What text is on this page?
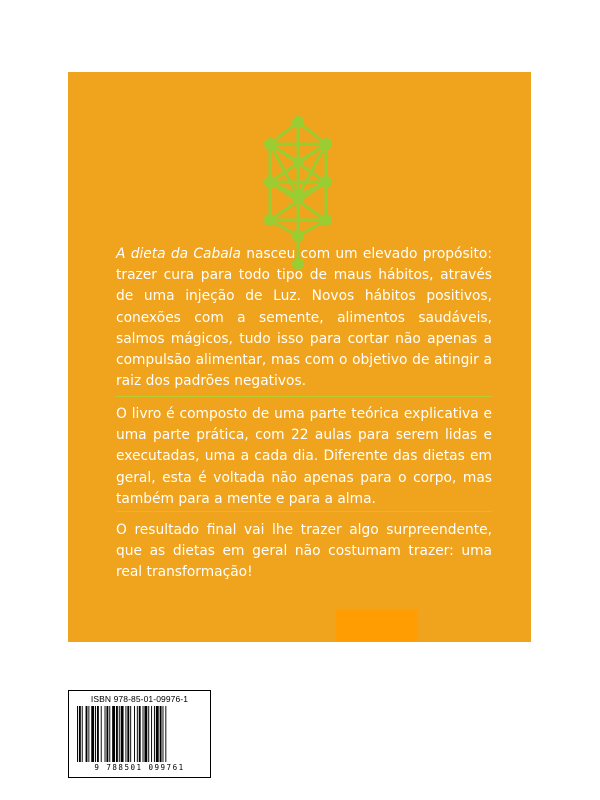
A dieta da Cabala nasceu com um elevado propósito: trazer cura para todo tipo de maus hábitos, através de uma injeção de Luz. Novos hábitos positivos, conexões com a semente, alimentos saudáveis, salmos mágicos, tudo isso para cortar não apenas a compulsão alimentar, mas com o objetivo de atingir a raiz dos padrões negativos.
O livro é composto de uma parte teórica explicativa e uma parte prática, com 22 aulas para serem lidas e executadas, uma a cada dia. Diferente das dietas em geral, esta é voltada não apenas para o corpo, mas também para a mente e para a alma.
O resultado final vai lhe trazer algo surpreendente, que as dietas em geral não costumam trazer: uma real transformação!
ISBN 978-85-01-09976-1
9 788501 099761
